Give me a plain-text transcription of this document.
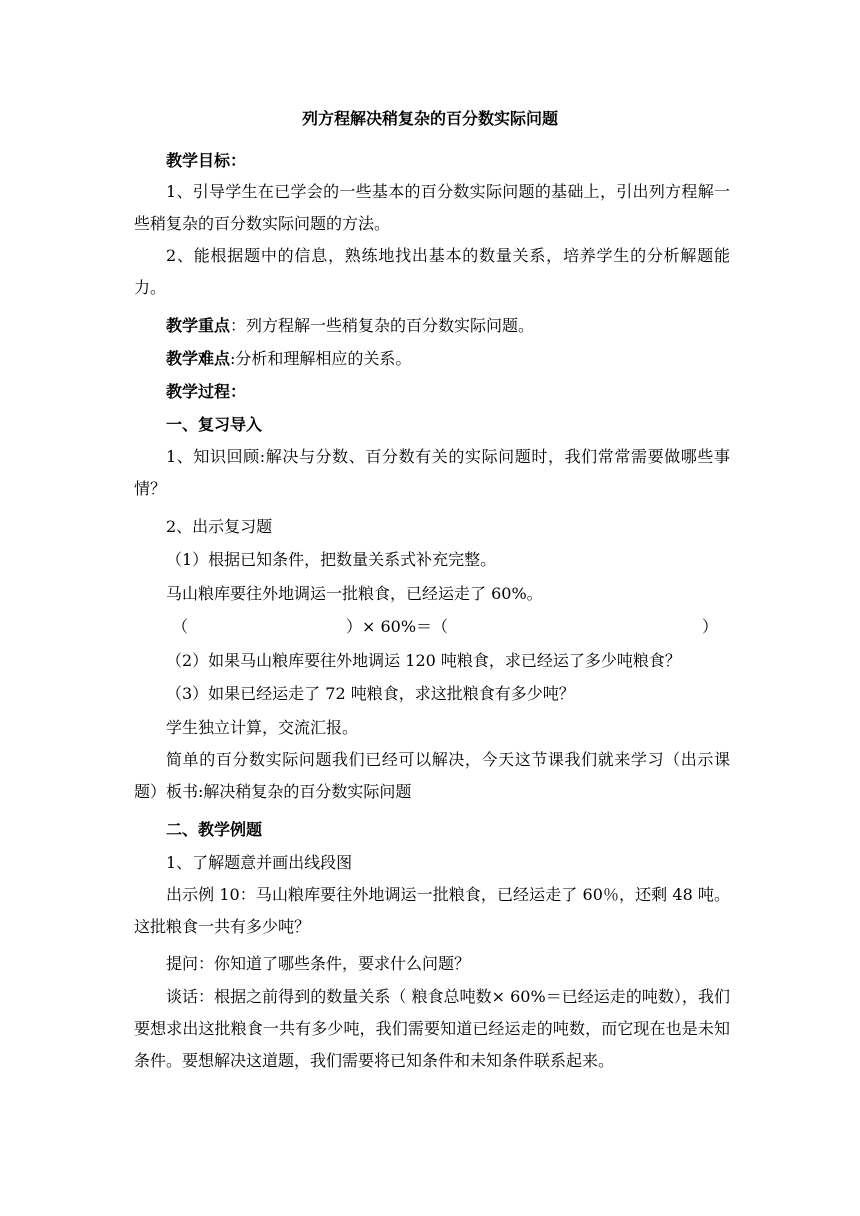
列方程解决稍复杂的百分数实际问题
教学目标：
1、引导学生在已学会的一些基本的百分数实际问题的基础上，引出列方程解一些稍复杂的百分数实际问题的方法。
2、能根据题中的信息，熟练地找出基本的数量关系，培养学生的分析解题能力。
教学重点：列方程解一些稍复杂的百分数实际问题。
教学难点:分析和理解相应的关系。
教学过程：
一、复习导入
1、知识回顾:解决与分数、百分数有关的实际问题时，我们常常需要做哪些事情？
2、出示复习题
（1）根据已知条件，把数量关系式补充完整。
马山粮库要往外地调运一批粮食，已经运走了 60%。
（	）× 60%＝（	）
（2）如果马山粮库要往外地调运 120 吨粮食，求已经运了多少吨粮食？
（3）如果已经运走了 72 吨粮食，求这批粮食有多少吨？
学生独立计算，交流汇报。
简单的百分数实际问题我们已经可以解决，今天这节课我们就来学习（出示课题）板书:解决稍复杂的百分数实际问题
二、教学例题
1、了解题意并画出线段图
出示例 10：马山粮库要往外地调运一批粮食，已经运走了 60％，还剩 48 吨。这批粮食一共有多少吨？
提问：你知道了哪些条件，要求什么问题？
谈话：根据之前得到的数量关系（ 粮食总吨数× 60%＝已经运走的吨数），我们要想求出这批粮食一共有多少吨，我们需要知道已经运走的吨数，而它现在也是未知条件。要想解决这道题，我们需要将已知条件和未知条件联系起来。
